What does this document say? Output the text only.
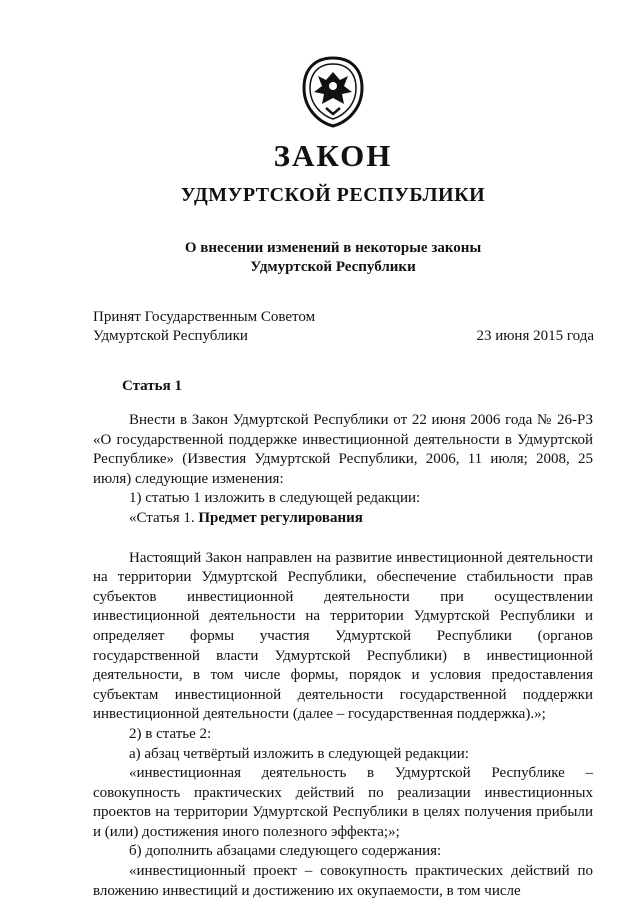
ЗАКОН
УДМУРТСКОЙ РЕСПУБЛИКИ
О внесении изменений в некоторые законы
Удмуртской Республики
Принят Государственным Советом
Удмуртской Республики	23 июня 2015 года
Статья 1

Внести в Закон Удмуртской Республики от 22 июня 2006 года № 26-РЗ «О государственной поддержке инвестиционной деятельности в Удмуртской Республике» (Известия Удмуртской Республики, 2006, 11 июля; 2008, 25 июля) следующие изменения:

1) статью 1 изложить в следующей редакции:

«Статья 1. Предмет регулирования

Настоящий Закон направлен на развитие инвестиционной деятельности на территории Удмуртской Республики, обеспечение стабильности прав субъектов инвестиционной деятельности при осуществлении инвестиционной деятельности на территории Удмуртской Республики и определяет формы участия Удмуртской Республики (органов государственной власти Удмуртской Республики) в инвестиционной деятельности, в том числе формы, порядок и условия предоставления субъектам инвестиционной деятельности государственной поддержки инвестиционной деятельности (далее – государственная поддержка).»;

2) в статье 2:

а) абзац четвёртый изложить в следующей редакции:

«инвестиционная деятельность в Удмуртской Республике – совокупность практических действий по реализации инвестиционных проектов на территории Удмуртской Республики в целях получения прибыли и (или) достижения иного полезного эффекта;»;

б) дополнить абзацами следующего содержания:

«инвестиционный проект – совокупность практических действий по вложению инвестиций и достижению их окупаемости, в том числе
